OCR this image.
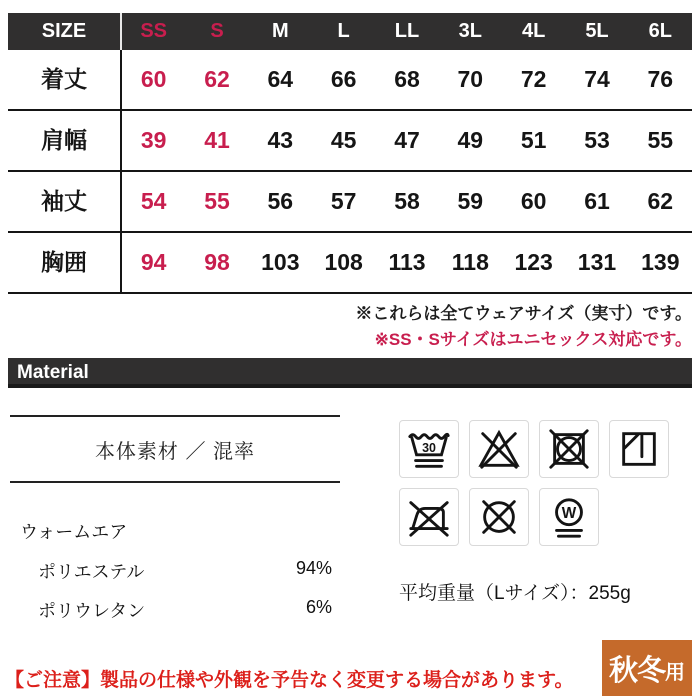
SIZE	SS	S	M	L	LL	3L	4L	5L	6L
着丈	60	62	64	66	68	70	72	74	76
肩幅	39	41	43	45	47	49	51	53	55
袖丈	54	55	56	57	58	59	60	61	62
胸囲	94	98	103	108	113	118	123	131	139
※これらは全てウェアサイズ（実寸）です。
※SS・Sサイズはユニセックス対応です。
Material
本体素材 ／ 混率
ウォームエア
ポリエステル	94%
ポリウレタン	6%
30
W
平均重量（Lサイズ）：255g
【ご注意】製品の仕様や外観を予告なく変更する場合があります。 秋冬 用
